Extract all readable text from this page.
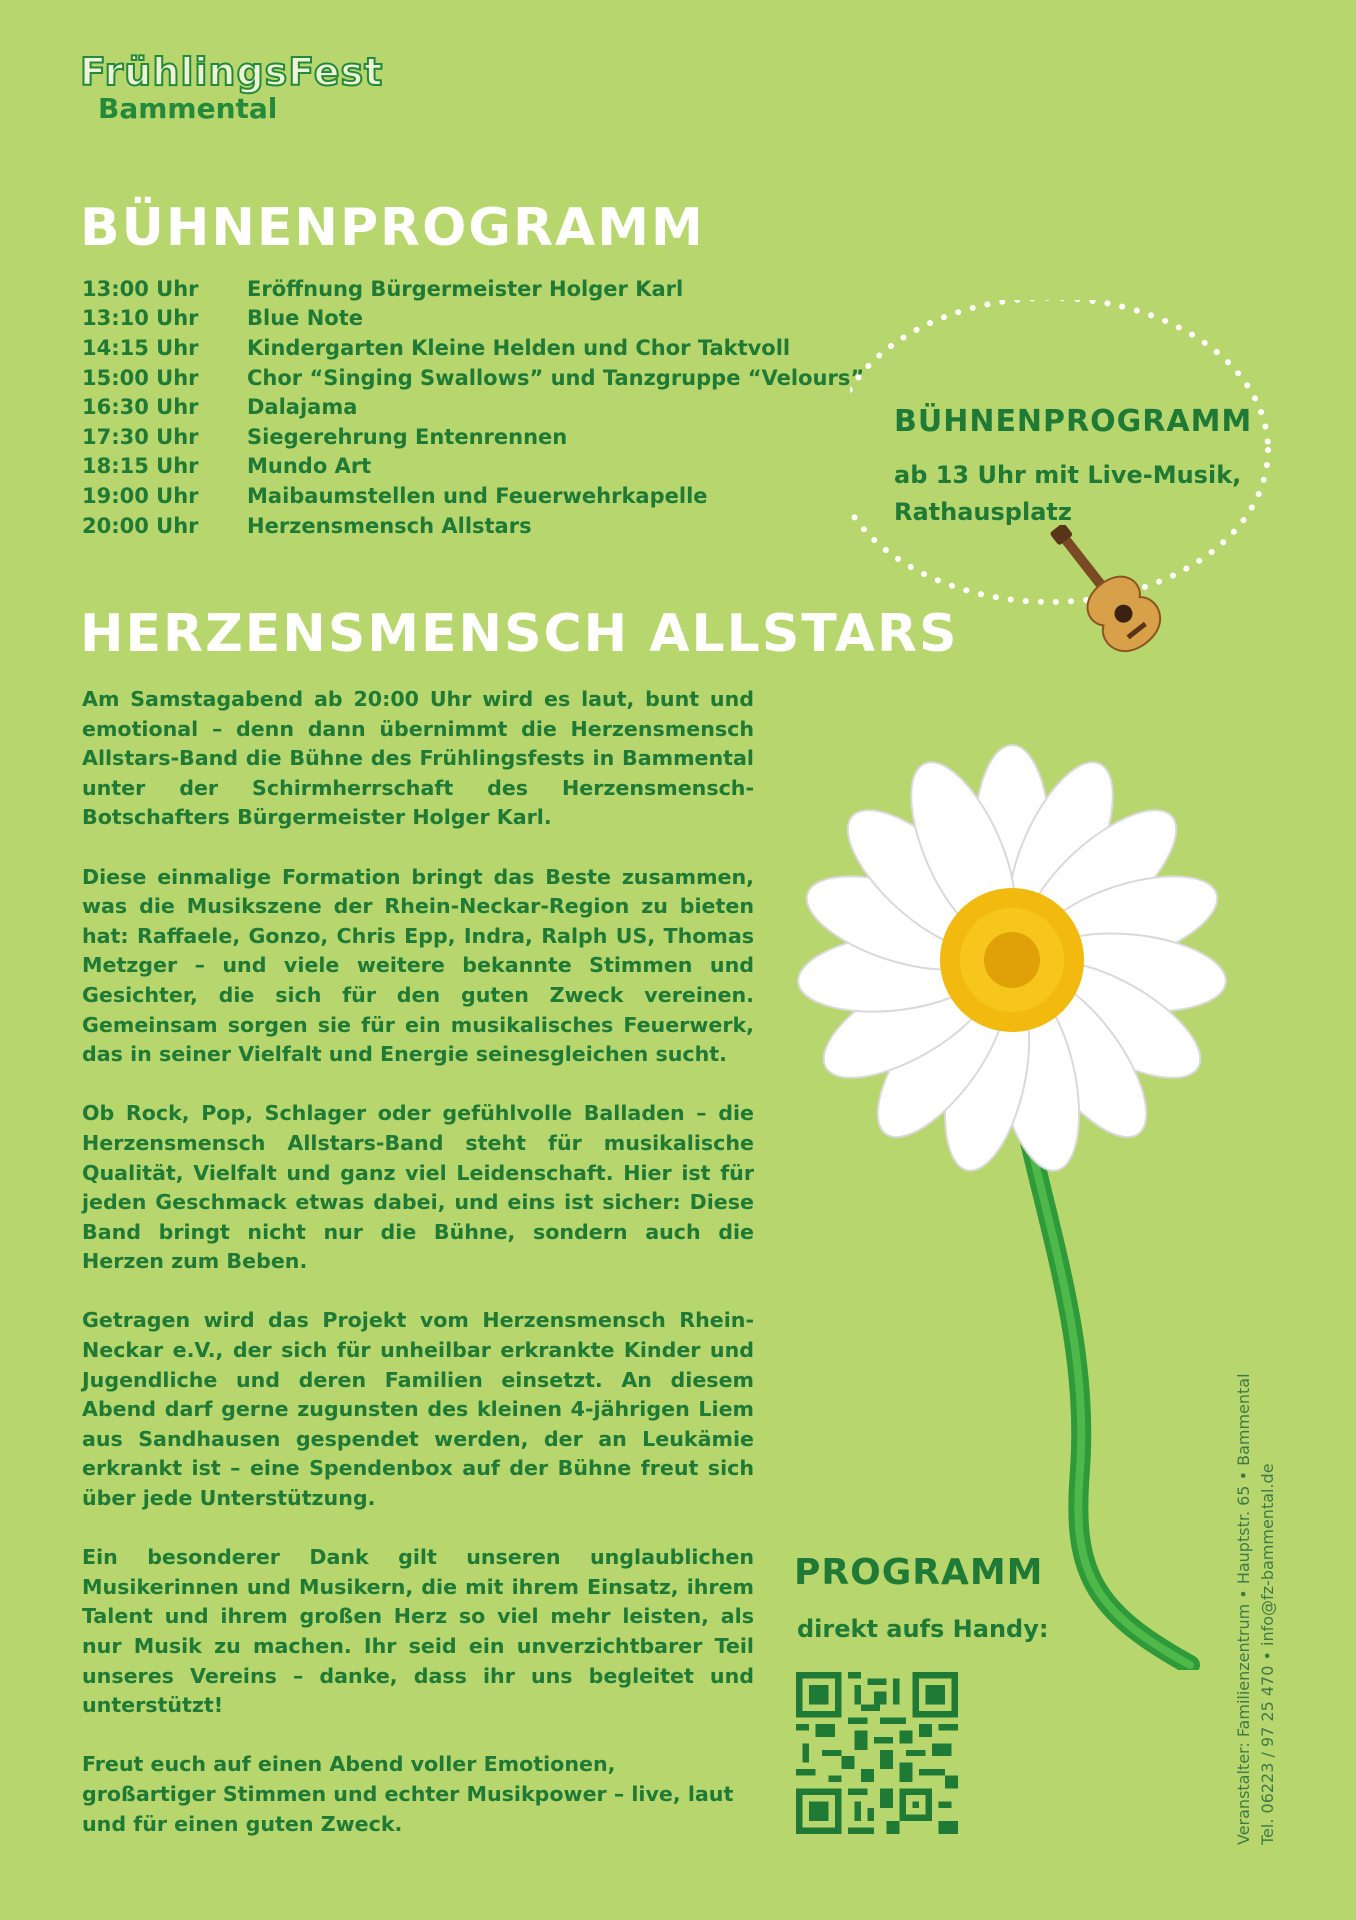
FrühlingsFest
Bammental
BÜHNENPROGRAMM
13:00 Uhr	Eröffnung Bürgermeister Holger Karl
13:10 Uhr	Blue Note
14:15 Uhr	Kindergarten Kleine Helden und Chor Taktvoll
15:00 Uhr	Chor “Singing Swallows” und Tanzgruppe “Velours”
16:30 Uhr	Dalajama
17:30 Uhr	Siegerehrung Entenrennen
18:15 Uhr	Mundo Art
19:00 Uhr	Maibaumstellen und Feuerwehrkapelle
20:00 Uhr	Herzensmensch Allstars
BÜHNENPROGRAMM
ab 13 Uhr mit Live-Musik,
Rathausplatz
HERZENSMENSCH ALLSTARS

Am Samstagabend ab 20:00 Uhr wird es laut, bunt und emotional – denn dann übernimmt die Herzensmensch Allstars-Band die Bühne des Frühlingsfests in Bammental unter der Schirmherrschaft des Herzensmensch-Botschafters Bürgermeister Holger Karl.

Diese einmalige Formation bringt das Beste zusammen, was die Musikszene der Rhein-Neckar-Region zu bieten hat: Raffaele, Gonzo, Chris Epp, Indra, Ralph US, Thomas Metzger – und viele weitere bekannte Stimmen und Gesichter, die sich für den guten Zweck vereinen. Gemeinsam sorgen sie für ein musikalisches Feuerwerk, das in seiner Vielfalt und Energie seinesgleichen sucht.

Ob Rock, Pop, Schlager oder gefühlvolle Balladen – die Herzensmensch Allstars-Band steht für musikalische Qualität, Vielfalt und ganz viel Leidenschaft. Hier ist für jeden Geschmack etwas dabei, und eins ist sicher: Diese Band bringt nicht nur die Bühne, sondern auch die Herzen zum Beben.

Getragen wird das Projekt vom Herzensmensch Rhein-Neckar e.V., der sich für unheilbar erkrankte Kinder und Jugendliche und deren Familien einsetzt. An diesem Abend darf gerne zugunsten des kleinen 4-jährigen Liem aus Sandhausen gespendet werden, der an Leukämie erkrankt ist – eine Spendenbox auf der Bühne freut sich über jede Unterstützung.

Ein besonderer Dank gilt unseren unglaublichen Musikerinnen und Musikern, die mit ihrem Einsatz, ihrem Talent und ihrem großen Herz so viel mehr leisten, als nur Musik zu machen. Ihr seid ein unverzichtbarer Teil unseres Vereins – danke, dass ihr uns begleitet und unterstützt!

Freut euch auf einen Abend voller Emotionen, großartiger Stimmen und echter Musikpower – live, laut und für einen guten Zweck.

PROGRAMM
direkt aufs Handy:	Veranstalter: Familienzentrum • Hauptstr. 65 • Bammental Tel. 06223 / 97 25 470 • info@fz-bammental.de
